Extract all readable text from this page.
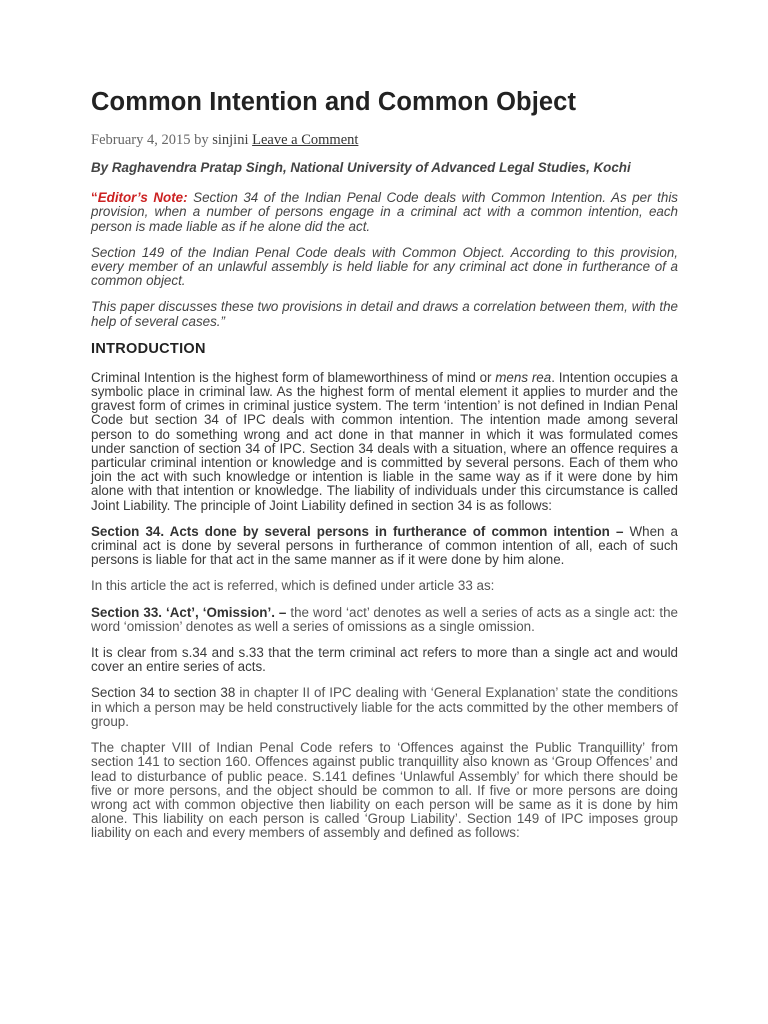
Common Intention and Common Object
February 4, 2015 by sinjini Leave a Comment

By Raghavendra Pratap Singh, National University of Advanced Legal Studies, Kochi

“Editor’s Note: Section 34 of the Indian Penal Code deals with Common Intention. As per this provision, when a number of persons engage in a criminal act with a common intention, each person is made liable as if he alone did the act.

Section 149 of the Indian Penal Code deals with Common Object. According to this provision, every member of an unlawful assembly is held liable for any criminal act done in furtherance of a common object.

This paper discusses these two provisions in detail and draws a correlation between them, with the help of several cases.”

INTRODUCTION

Criminal Intention is the highest form of blameworthiness of mind or mens rea. Intention occupies a symbolic place in criminal law. As the highest form of mental element it applies to murder and the gravest form of crimes in criminal justice system. The term ‘intention’ is not defined in Indian Penal Code but section 34 of IPC deals with common intention. The intention made among several person to do something wrong and act done in that manner in which it was formulated comes under sanction of section 34 of IPC. Section 34 deals with a situation, where an offence requires a particular criminal intention or knowledge and is committed by several persons. Each of them who join the act with such knowledge or intention is liable in the same way as if it were done by him alone with that intention or knowledge. The liability of individuals under this circumstance is called Joint Liability. The principle of Joint Liability defined in section 34 is as follows:

Section 34. Acts done by several persons in furtherance of common intention – When a criminal act is done by several persons in furtherance of common intention of all, each of such persons is liable for that act in the same manner as if it were done by him alone.

In this article the act is referred, which is defined under article 33 as:

Section 33. ‘Act’, ‘Omission’. – the word ‘act’ denotes as well a series of acts as a single act: the word ‘omission’ denotes as well a series of omissions as a single omission.

It is clear from s.34 and s.33 that the term criminal act refers to more than a single act and would cover an entire series of acts.

Section 34 to section 38 in chapter II of IPC dealing with ‘General Explanation’ state the conditions in which a person may be held constructively liable for the acts committed by the other members of group.

The chapter VIII of Indian Penal Code refers to ‘Offences against the Public Tranquillity’ from section 141 to section 160. Offences against public tranquillity also known as ‘Group Offences’ and lead to disturbance of public peace. S.141 defines ‘Unlawful Assembly’ for which there should be five or more persons, and the object should be common to all. If five or more persons are doing wrong act with common objective then liability on each person will be same as it is done by him alone. This liability on each person is called ‘Group Liability’. Section 149 of IPC imposes group liability on each and every members of assembly and defined as follows:
